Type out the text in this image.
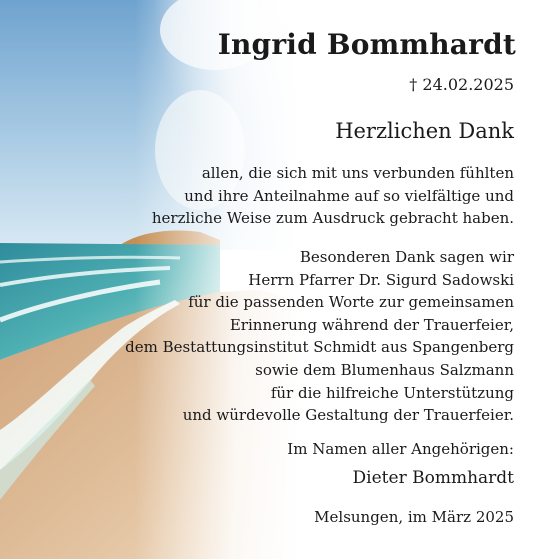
Ingrid Bommhardt
† 24.02.2025
Herzlichen Dank
allen, die sich mit uns verbunden fühlten
und ihre Anteilnahme auf so vielfältige und
herzliche Weise zum Ausdruck gebracht haben.
Besonderen Dank sagen wir
Herrn Pfarrer Dr. Sigurd Sadowski
für die passenden Worte zur gemeinsamen
Erinnerung während der Trauerfeier,
dem Bestattungsinstitut Schmidt aus Spangenberg
sowie dem Blumenhaus Salzmann
für die hilfreiche Unterstützung
und würdevolle Gestaltung der Trauerfeier.
Im Namen aller Angehörigen:
Dieter Bommhardt
Melsungen, im März 2025
